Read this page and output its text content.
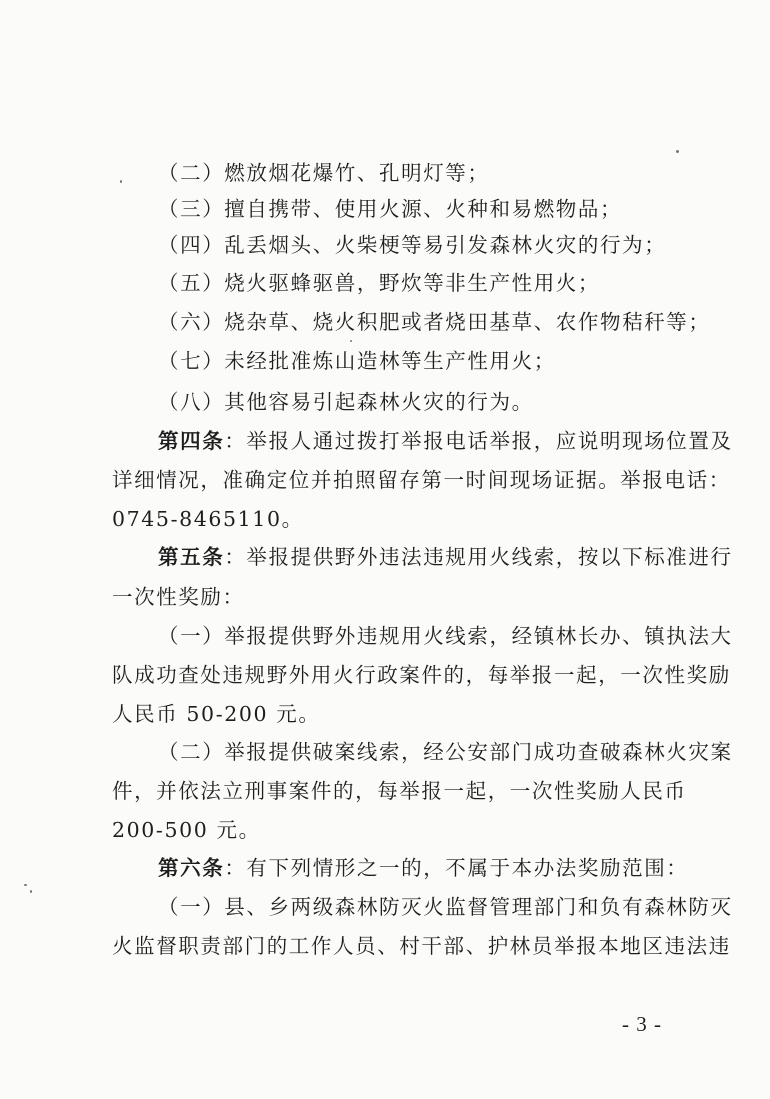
（二）燃放烟花爆竹、孔明灯等；
（三）擅自携带、使用火源、火种和易燃物品；
（四）乱丢烟头、火柴梗等易引发森林火灾的行为；
（五）烧火驱蜂驱兽，野炊等非生产性用火；
（六）烧杂草、烧火积肥或者烧田基草、农作物秸秆等；
（七）未经批准炼山造林等生产性用火；
（八）其他容易引起森林火灾的行为。
第四条：举报人通过拨打举报电话举报，应说明现场位置及
详细情况，准确定位并拍照留存第一时间现场证据。举报电话：
0745-8465110。
第五条：举报提供野外违法违规用火线索，按以下标准进行
一次性奖励：
（一）举报提供野外违规用火线索，经镇林长办、镇执法大
队成功查处违规野外用火行政案件的，每举报一起，一次性奖励
人民币 50-200 元。
（二）举报提供破案线索，经公安部门成功查破森林火灾案
件，并依法立刑事案件的，每举报一起，一次性奖励人民币
200-500 元。
第六条：有下列情形之一的，不属于本办法奖励范围：
（一）县、乡两级森林防灭火监督管理部门和负有森林防灭
火监督职责部门的工作人员、村干部、护林员举报本地区违法违
- 3 -
